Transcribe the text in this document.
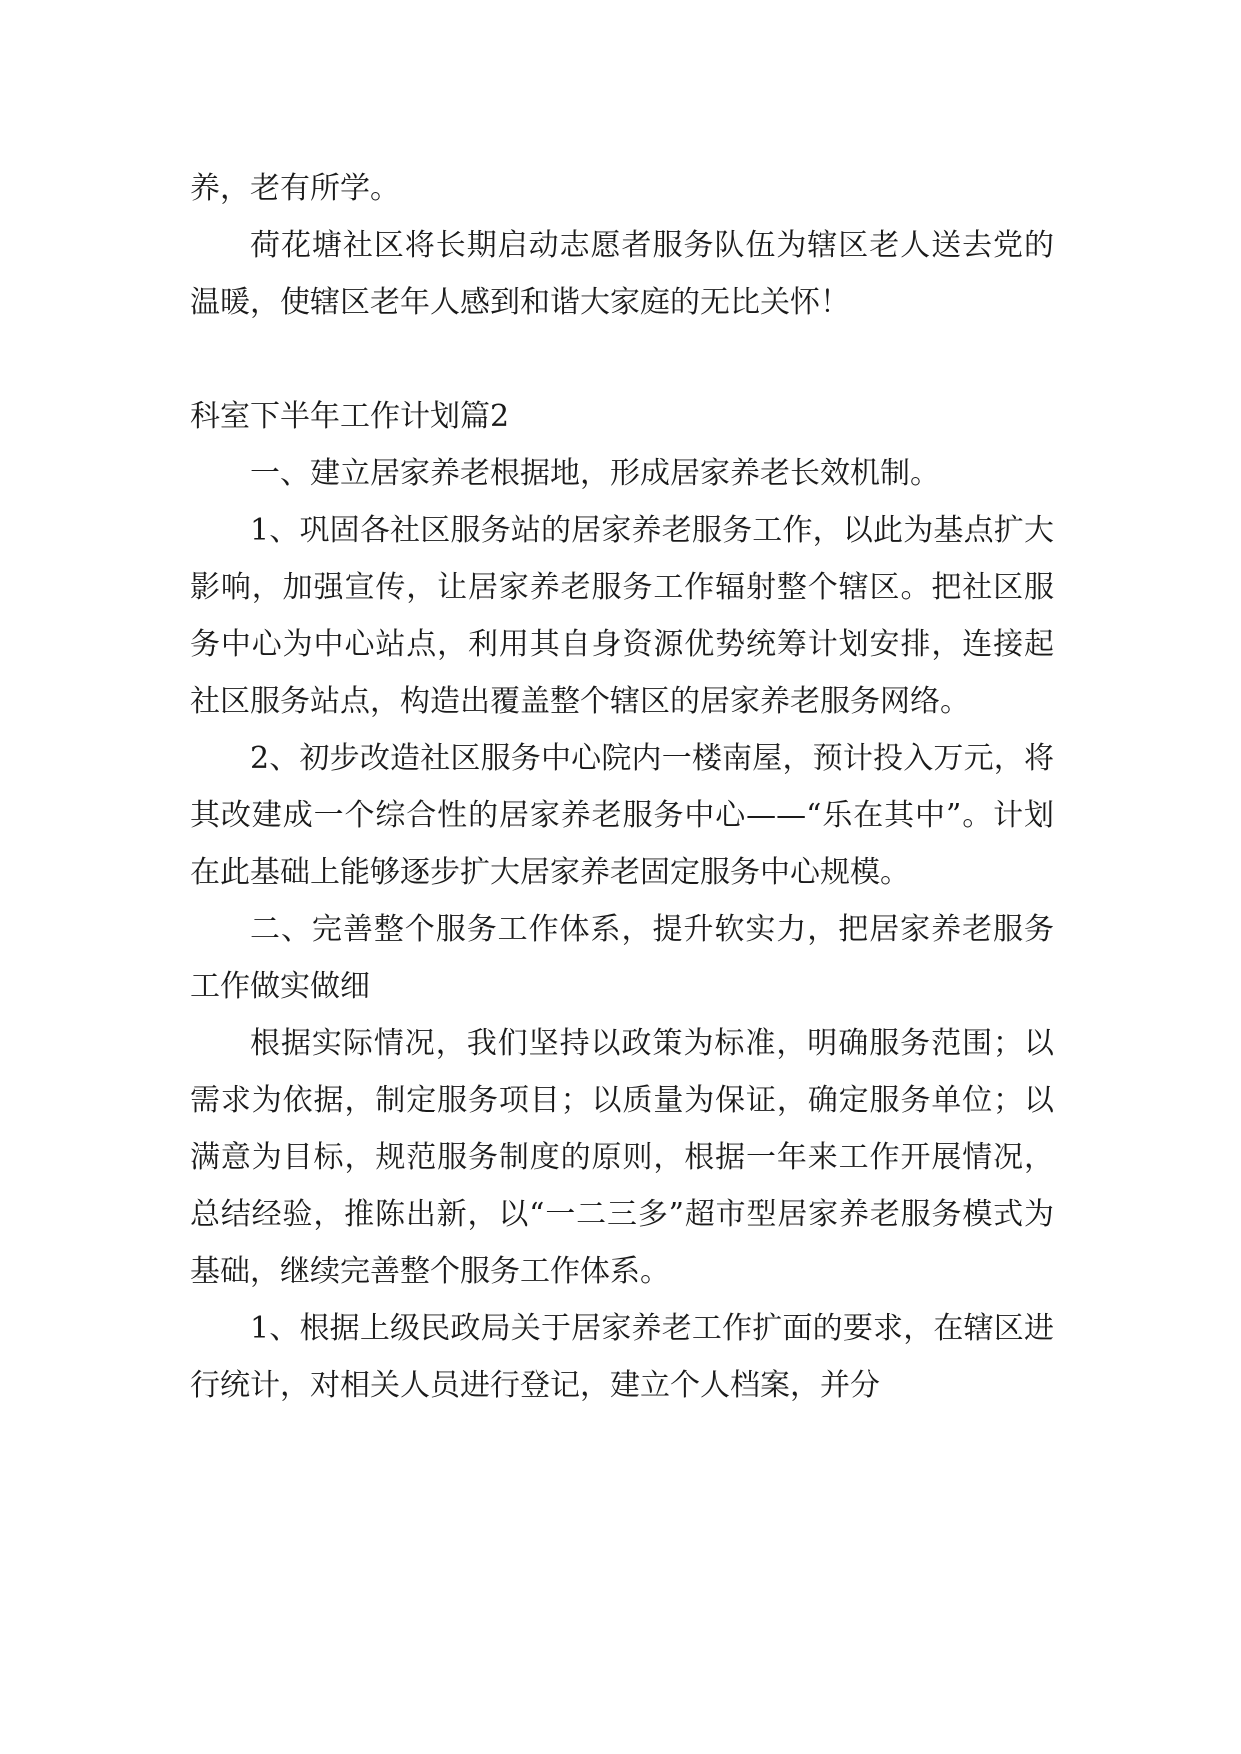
养，老有所学。

荷花塘社区将长期启动志愿者服务队伍为辖区老人送去党的温暖，使辖区老年人感到和谐大家庭的无比关怀！

科室下半年工作计划篇2

一、建立居家养老根据地，形成居家养老长效机制。

1、巩固各社区服务站的居家养老服务工作，以此为基点扩大影响，加强宣传，让居家养老服务工作辐射整个辖区。把社区服务中心为中心站点，利用其自身资源优势统筹计划安排，连接起社区服务站点，构造出覆盖整个辖区的居家养老服务网络。

2、初步改造社区服务中心院内一楼南屋，预计投入万元，将其改建成一个综合性的居家养老服务中心——“乐在其中”。计划在此基础上能够逐步扩大居家养老固定服务中心规模。

二、完善整个服务工作体系，提升软实力，把居家养老服务工作做实做细

根据实际情况，我们坚持以政策为标准，明确服务范围；以需求为依据，制定服务项目；以质量为保证，确定服务单位；以满意为目标，规范服务制度的原则，根据一年来工作开展情况，总结经验，推陈出新，以“一二三多”超市型居家养老服务模式为基础，继续完善整个服务工作体系。

1、根据上级民政局关于居家养老工作扩面的要求，在辖区进行统计，对相关人员进行登记，建立个人档案，并分
